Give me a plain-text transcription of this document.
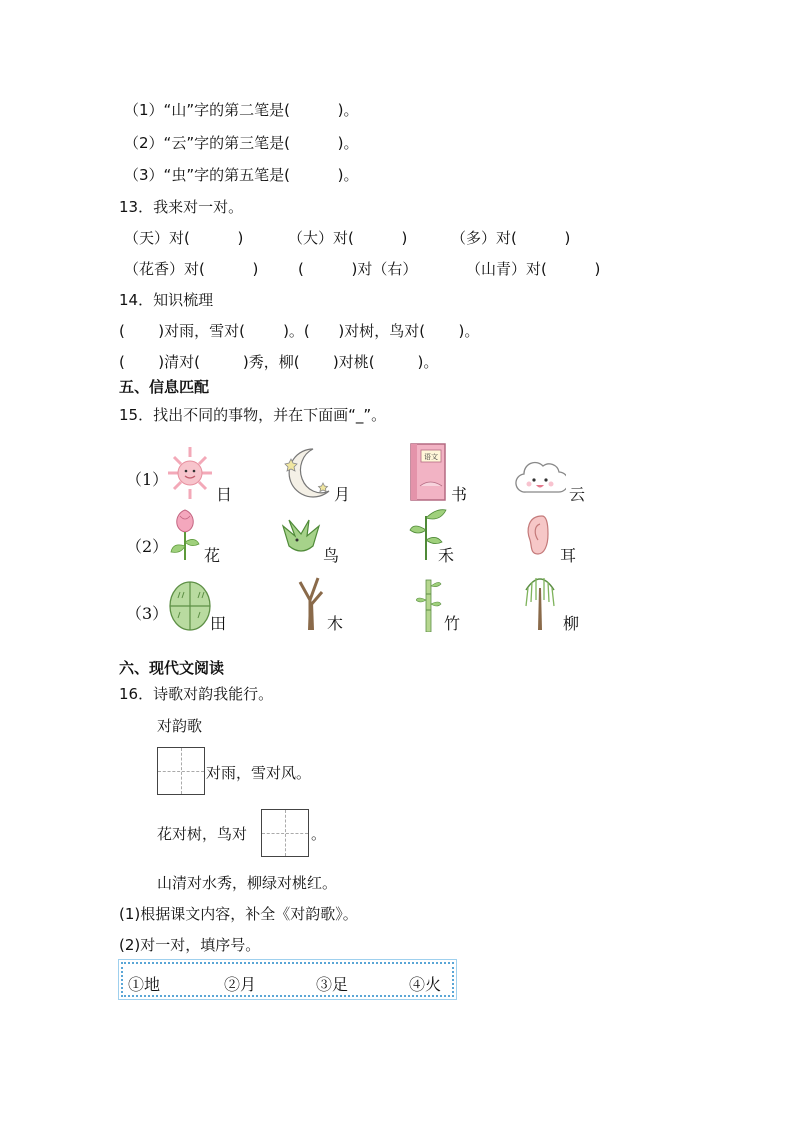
（1）“山”字的第二笔是(          )。
（2）“云”字的第三笔是(          )。
（3）“虫”字的第五笔是(          )。
13．我来对一对。
（天）对(          )	（大）对(          )	（多）对(          )
（花香）对(          )	(          )对（右）	（山青）对(          )
14．知识梳理
(       )对雨，雪对(        )。(      )对树，鸟对(       )。
(       )清对(         )秀，柳(       )对桃(         )。
五、信息匹配
15．找出不同的事物，并在下面画“_”。
（1）
日	月
语文
书	云
（2） 花	鸟	禾	耳
（3）
田	木	竹	柳
六、现代文阅读
16．诗歌对韵我能行。
对韵歌
对雨，雪对风。
花对树，鸟对	。
山清对水秀，柳绿对桃红。
(1)根据课文内容，补全《对韵歌》。
(2)对一对，填序号。
①地	②月	③足	④火
